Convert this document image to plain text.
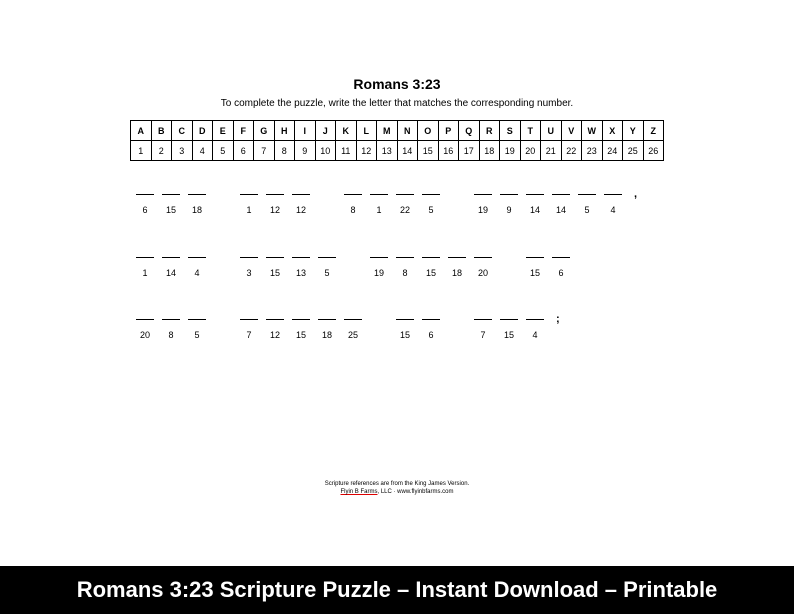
Romans 3:23
To complete the puzzle, write the letter that matches the corresponding number.
A	B	C	D	E	F	G	H	I	J	K	L	M	N	O	P	Q	R	S	T	U	V	W	X	Y	Z
1	2	3	4	5	6	7	8	9	10	11	12	13	14	15	16	17	18	19	20	21	22	23	24	25	26
6	15	18	1	12	12	8	1	22	5	19	9	14	14	5	4
,
1	14	4	3	15	13	5	19	8	15	18	20	15	6
20	8	5	7	12	15	18	25	15	6	7	15	4
;
Scripture references are from the King James Version.
Flyin B Farms, LLC · www.flyinbfarms.com
Romans 3:23 Scripture Puzzle – Instant Download – Printable
